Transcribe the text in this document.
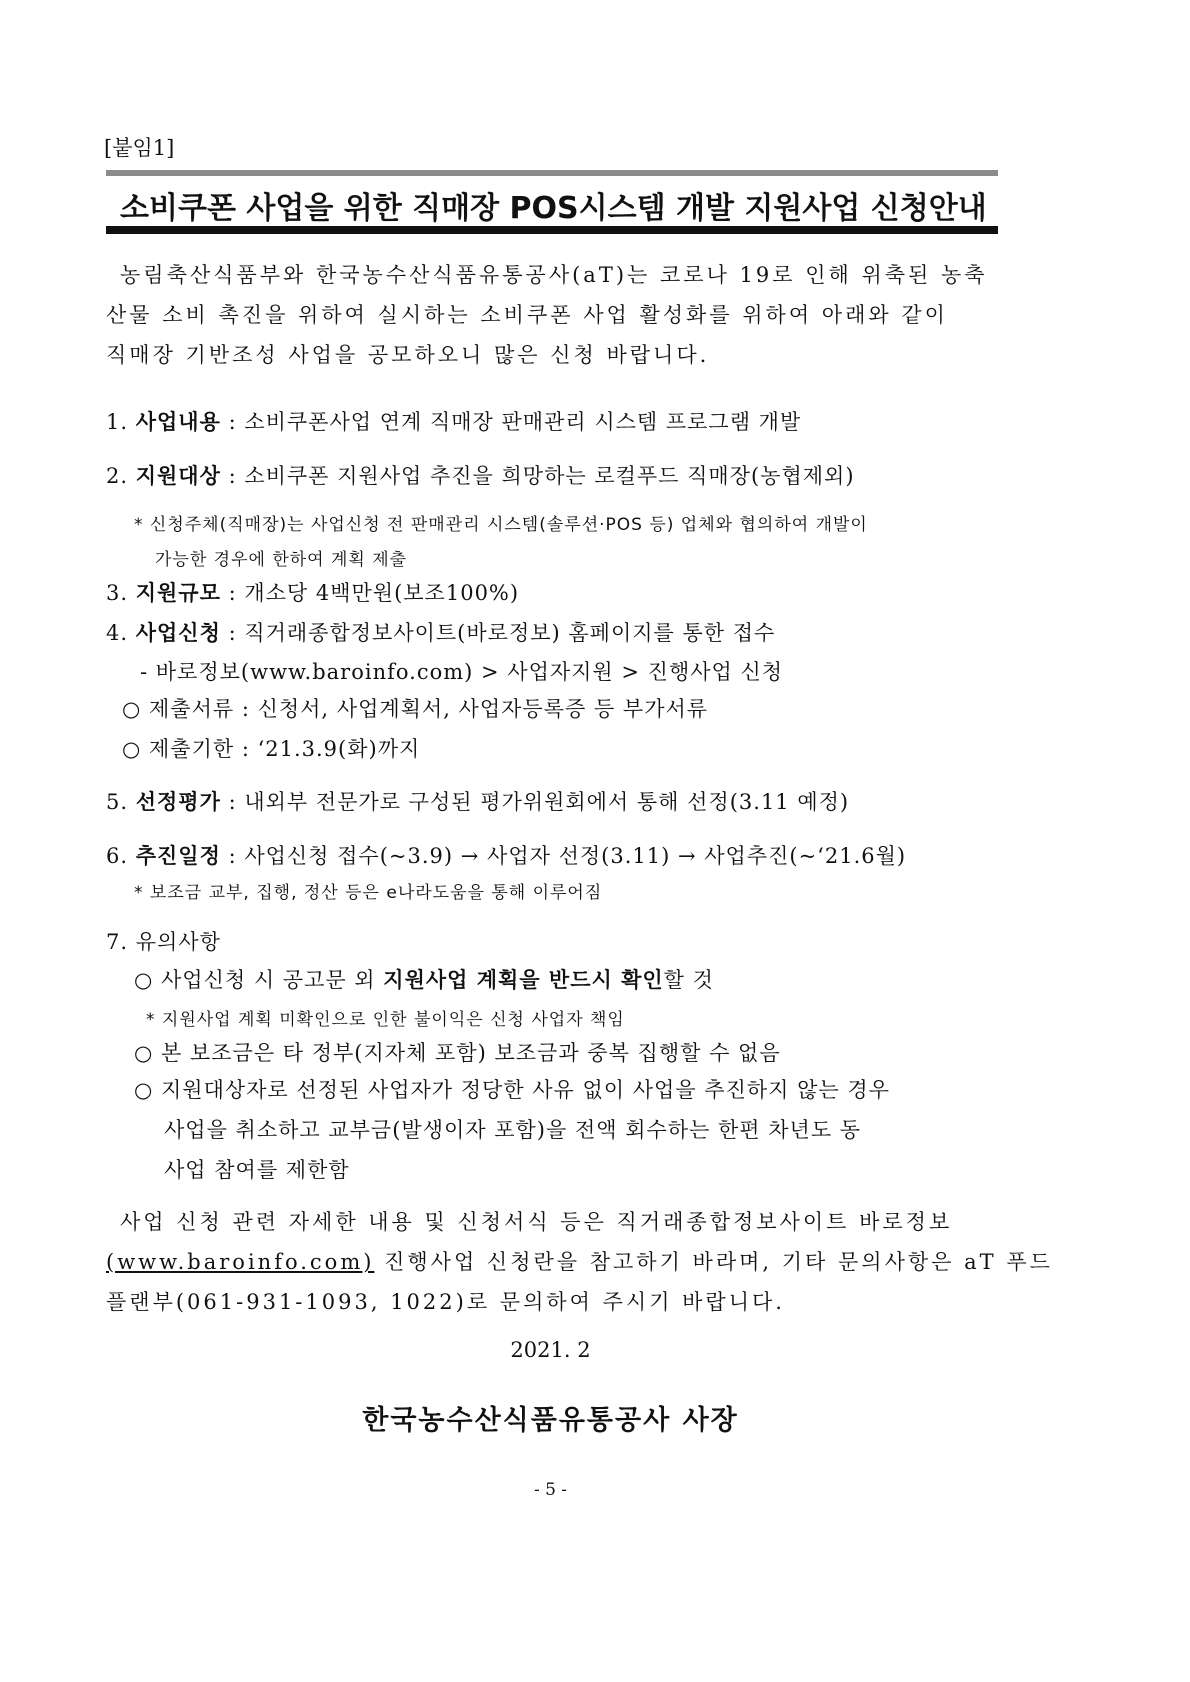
[붙임1]
소비쿠폰 사업을 위한 직매장 POS시스템 개발 지원사업 신청안내
농림축산식품부와 한국농수산식품유통공사(aT)는 코로나 19로 인해 위축된 농축
산물 소비 촉진을 위하여 실시하는 소비쿠폰 사업 활성화를 위하여 아래와 같이
직매장 기반조성 사업을 공모하오니 많은 신청 바랍니다.
1. 사업내용 : 소비쿠폰사업 연계 직매장 판매관리 시스템 프로그램 개발
2. 지원대상 : 소비쿠폰 지원사업 추진을 희망하는 로컬푸드 직매장(농협제외)
* 신청주체(직매장)는 사업신청 전 판매관리 시스템(솔루션·POS 등) 업체와 협의하여 개발이
가능한 경우에 한하여 계획 제출
3. 지원규모 : 개소당 4백만원(보조100%)
4. 사업신청 : 직거래종합정보사이트(바로정보) 홈페이지를 통한 접수
- 바로정보(www.baroinfo.com) > 사업자지원 > 진행사업 신청
○ 제출서류 : 신청서, 사업계획서, 사업자등록증 등 부가서류
○ 제출기한 : ‘21.3.9(화)까지
5. 선정평가 : 내외부 전문가로 구성된 평가위원회에서 통해 선정(3.11 예정)
6. 추진일정 : 사업신청 접수(~3.9) → 사업자 선정(3.11) → 사업추진(~‘21.6월)
* 보조금 교부, 집행, 정산 등은 e나라도움을 통해 이루어짐
7. 유의사항
○ 사업신청 시 공고문 외 지원사업 계획을 반드시 확인할 것
* 지원사업 계획 미확인으로 인한 불이익은 신청 사업자 책임
○ 본 보조금은 타 정부(지자체 포함) 보조금과 중복 집행할 수 없음
○ 지원대상자로 선정된 사업자가 정당한 사유 없이 사업을 추진하지 않는 경우
사업을 취소하고 교부금(발생이자 포함)을 전액 회수하는 한편 차년도 동
사업 참여를 제한함
사업 신청 관련 자세한 내용 및 신청서식 등은 직거래종합정보사이트 바로정보
(www.baroinfo.com) 진행사업 신청란을 참고하기 바라며, 기타 문의사항은 aT 푸드
플랜부(061-931-1093, 1022)로 문의하여 주시기 바랍니다.
2021. 2
한국농수산식품유통공사 사장
- 5 -
